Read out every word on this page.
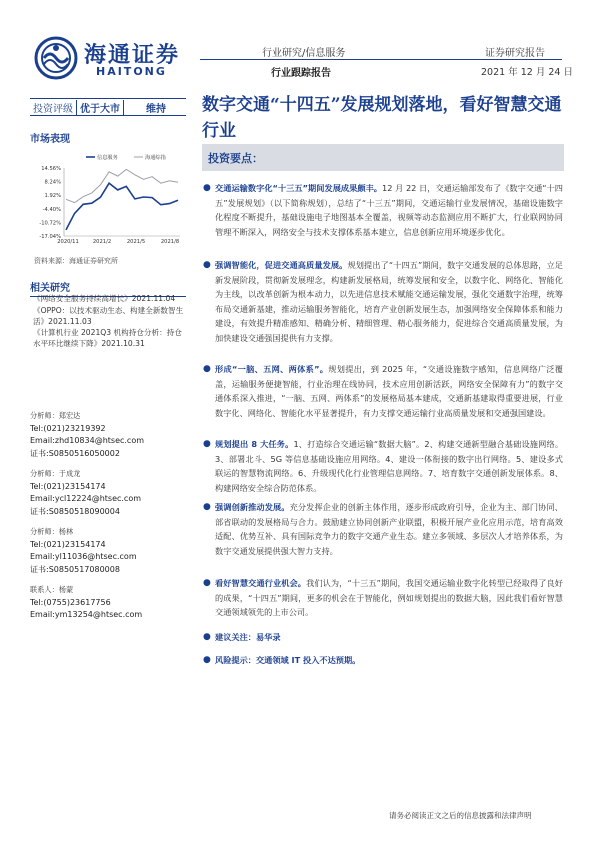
海通证券
HAITONG
行业研究/信息服务	证券研究报告
行业跟踪报告	2021 年 12 月 24 日
投资评级 优于大市	维持 数字交通“十四五”发展规划落地，看好智慧交通行业
市场表现
14.56%
8.24%
1.92%
-4.40%
-10.72%
-17.04%
2020/11	2021/2	2021/5	2021/8
信息服务	海通综指
资料来源：海通证券研究所
相关研究
《网络安全服务持续高增长》2021.11.04
《OPPO：以技术驱动生态、构建全新数智生活》2021.11.03
《计算机行业 2021Q3 机构持仓分析：持仓水平环比继续下降》2021.10.31
分析师：郑宏达
Tel:(021)23219392
Email:zhd10834@htsec.com
证书:S0850516050002
分析师：于成龙
Tel:(021)23154174
Email:ycl12224@htsec.com
证书:S0850518090004
分析师：杨林
Tel:(021)23154174
Email:yl11036@htsec.com
证书:S0850517080008
联系人：杨蒙
Tel:(0755)23617756
Email:ym13254@htsec.com
投资要点：
● 交通运输数字化“十三五”期间发展成果颇丰。12 月 22 日，交通运输部发布了《数字交通“十四五”发展规划》（以下简称规划），总结了“十三五”期间，交通运输行业发展情况，基础设施数字化程度不断提升，基础设施电子地图基本全覆盖，视频等动态监测应用不断扩大，行业联网协同管理不断深入，网络安全与技术支撑体系基本建立，信息创新应用环境逐步优化。
● 强调智能化，促进交通高质量发展。规划提出了“十四五”期间，数字交通发展的总体思路，立足新发展阶段，贯彻新发展理念，构建新发展格局，统筹发展和安全，以数字化、网络化、智能化为主线，以改革创新为根本动力，以先进信息技术赋能交通运输发展，强化交通数字治理，统筹布局交通新基建，推动运输服务智能化，培育产业创新发展生态，加强网络安全保障体系和能力建设，有效提升精准感知、精确分析、精细管理、精心服务能力，促进综合交通高质量发展，为加快建设交通强国提供有力支撑。
● 形成“一脑、五网、两体系”。规划提出，到 2025 年，“交通设施数字感知，信息网络广泛覆盖，运输服务便捷智能，行业治理在线协同，技术应用创新活跃，网络安全保障有力”的数字交通体系深入推进，“一脑、五网、两体系”的发展格局基本建成，交通新基建取得重要进展，行业数字化、网络化、智能化水平显著提升，有力支撑交通运输行业高质量发展和交通强国建设。
● 规划提出 8 大任务。1、打造综合交通运输“数据大脑”。2、构建交通新型融合基础设施网络。3、部署北斗、5G 等信息基础设施应用网络。4、建设一体衔接的数字出行网络。5、建设多式联运的智慧物流网络。6、升级现代化行业管理信息网络。7、培育数字交通创新发展体系。8、构建网络安全综合防范体系。
● 强调创新推动发展。充分发挥企业的创新主体作用，逐步形成政府引导，企业为主、部门协同、部省联动的发展格局与合力。鼓励建立协同创新产业联盟，积极开展产业化应用示范，培育高效适配、优势互补、具有国际竞争力的数字交通产业生态。建立多领域、多层次人才培养体系，为数字交通发展提供强大智力支持。
● 看好智慧交通行业机会。我们认为，“十三五”期间，我国交通运输业数字化转型已经取得了良好的成果，“十四五”期间，更多的机会在于智能化，例如规划提出的数据大脑，因此我们看好智慧交通领域领先的上市公司。
● 建议关注：易华录
● 风险提示：交通领域 IT 投入不达预期。
请务必阅读正文之后的信息披露和法律声明
